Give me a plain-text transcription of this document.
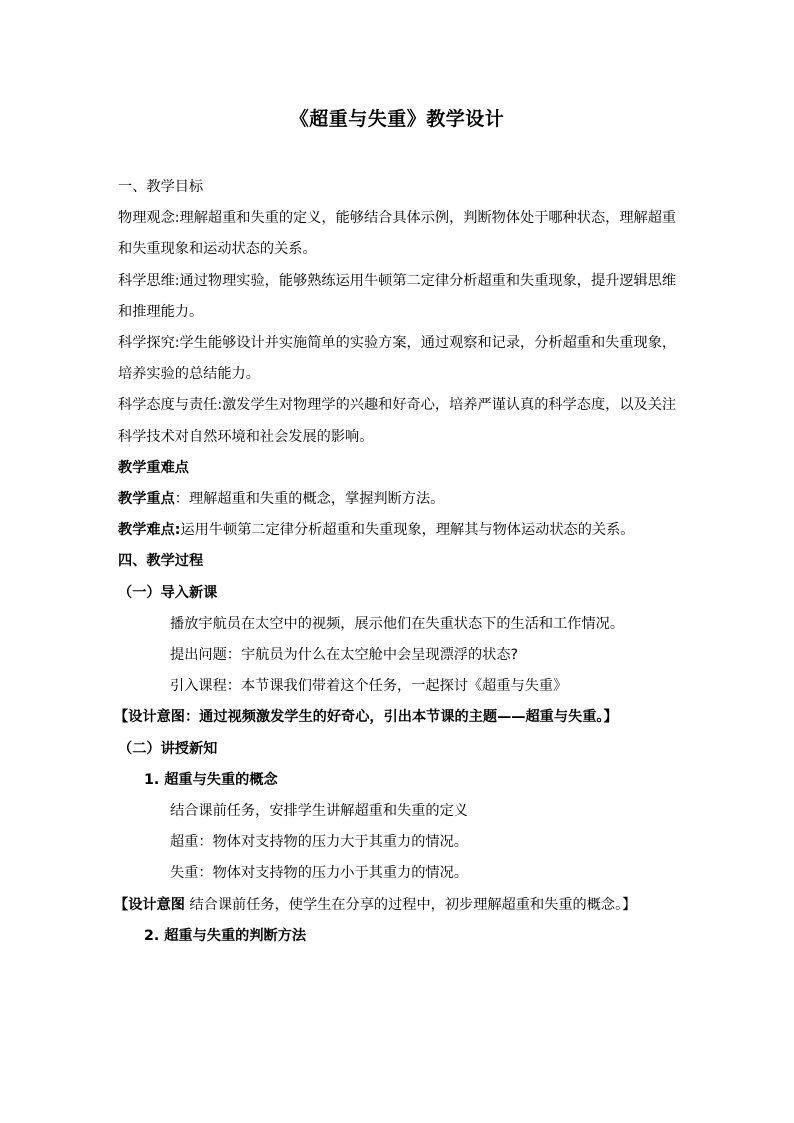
《超重与失重》教学设计

一、教学目标

物理观念:理解超重和失重的定义，能够结合具体示例，判断物体处于哪种状态，理解超重和失重现象和运动状态的关系。

科学思维:通过物理实验，能够熟练运用牛顿第二定律分析超重和失重现象，提升逻辑思维和推理能力。

科学探究:学生能够设计并实施简单的实验方案，通过观察和记录，分析超重和失重现象，培养实验的总结能力。

科学态度与责任:激发学生对物理学的兴趣和好奇心，培养严谨认真的科学态度，以及关注科学技术对自然环境和社会发展的影响。

教学重难点

教学重点：理解超重和失重的概念，掌握判断方法。

教学难点:运用牛顿第二定律分析超重和失重现象，理解其与物体运动状态的关系。

四、教学过程

（一）导入新课

播放宇航员在太空中的视频，展示他们在失重状态下的生活和工作情况。

提出问题：宇航员为什么在太空舱中会呈现漂浮的状态?

引入课程：本节课我们带着这个任务，一起探讨《超重与失重》

【设计意图：通过视频激发学生的好奇心，引出本节课的主题——超重与失重。】

（二）讲授新知

1. 超重与失重的概念

结合课前任务，安排学生讲解超重和失重的定义

超重：物体对支持物的压力大于其重力的情况。

失重：物体对支持物的压力小于其重力的情况。

【设计意图 结合课前任务，使学生在分享的过程中，初步理解超重和失重的概念。】

2. 超重与失重的判断方法
